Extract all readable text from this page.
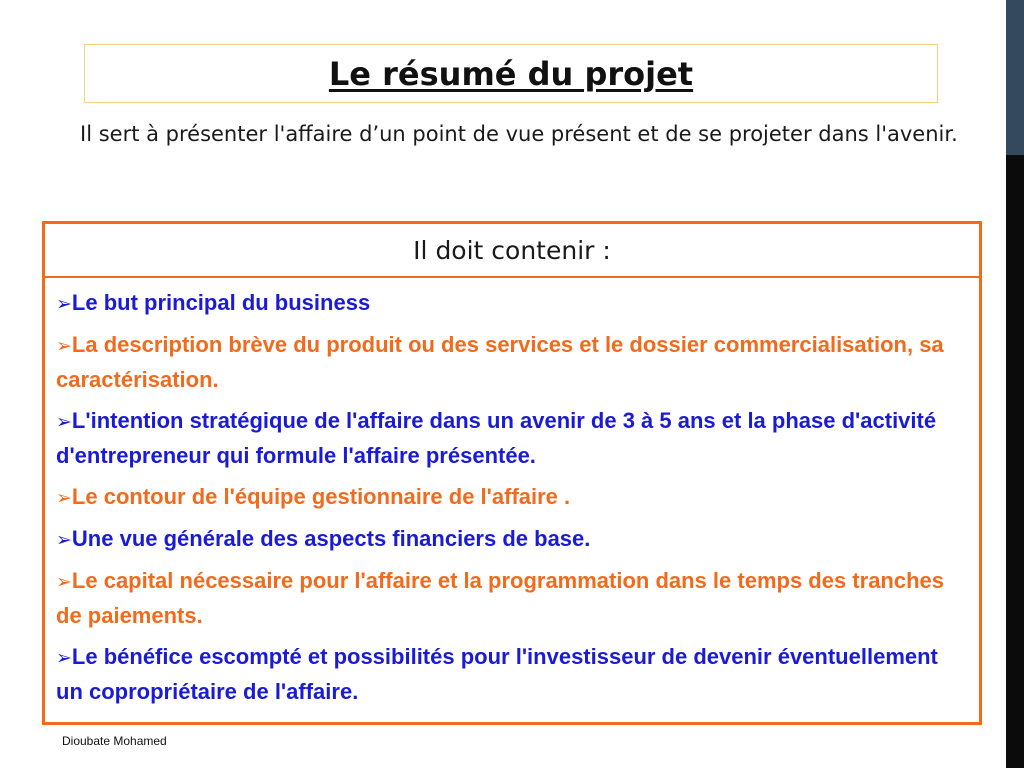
Le résumé du projet

Il sert à présenter l'affaire d’un point de vue présent et de se projeter dans l'avenir.

Il doit contenir :
➢Le but principal du business
➢La description brève du produit ou des services et le dossier commercialisation, sa caractérisation.
➢L'intention stratégique de l'affaire dans un avenir de 3 à 5 ans et la phase d'activité d'entrepreneur qui formule l'affaire présentée.
➢Le contour de l'équipe gestionnaire de l'affaire .
➢Une vue générale des aspects financiers de base.
➢Le capital nécessaire pour l'affaire et la programmation dans le temps des tranches de paiements.
➢Le bénéfice escompté et possibilités pour l'investisseur de devenir éventuellement un copropriétaire de l'affaire.
Dioubate Mohamed
